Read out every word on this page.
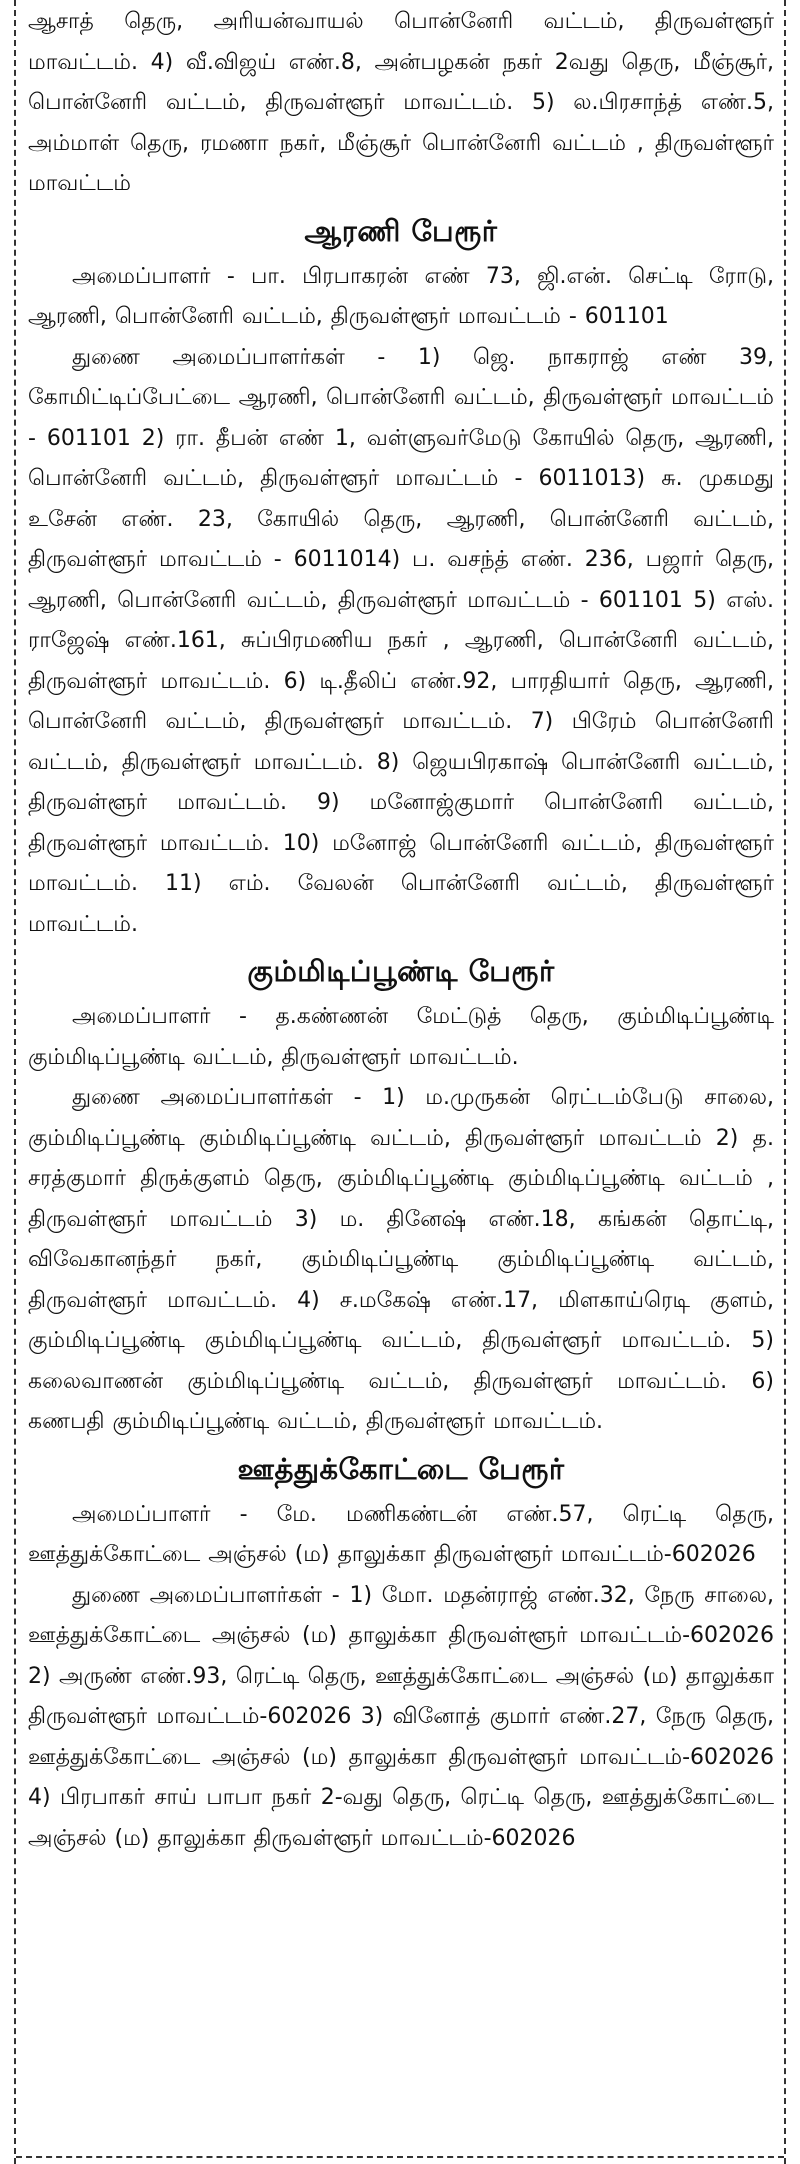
ஆசாத் தெரு, அரியன்வாயல் பொன்னேரி வட்டம், திருவள்ளூர் மாவட்டம். 4) வீ.விஜய் எண்.8, அன்பழகன் நகர் 2வது தெரு, மீஞ்சூர், பொன்னேரி வட்டம், திருவள்ளூர் மாவட்டம். 5) ல.பிரசாந்த் எண்.5, அம்மாள் தெரு, ரமணா நகர், மீஞ்சூர் பொன்னேரி வட்டம் , திருவள்ளூர் மாவட்டம்

ஆரணி பேரூர்

அமைப்பாளர் - பா. பிரபாகரன் எண் 73, ஜி.என். செட்டி ரோடு, ஆரணி, பொன்னேரி வட்டம், திருவள்ளூர் மாவட்டம் - 601101

துணை அமைப்பாளர்கள் - 1) ஜெ. நாகராஜ் எண் 39, கோமிட்டிப்பேட்டை ஆரணி, பொன்னேரி வட்டம், திருவள்ளூர் மாவட்டம் - 601101 2) ரா. தீபன் எண் 1, வள்ளுவர்மேடு கோயில் தெரு, ஆரணி, பொன்னேரி வட்டம், திருவள்ளூர் மாவட்டம் - 6011013) சு. முகமது உசேன் எண். 23, கோயில் தெரு, ஆரணி, பொன்னேரி வட்டம், திருவள்ளூர் மாவட்டம் - 6011014) ப. வசந்த் எண். 236, பஜார் தெரு, ஆரணி, பொன்னேரி வட்டம், திருவள்ளூர் மாவட்டம் - 601101 5) எஸ். ராஜேஷ் எண்.161, சுப்பிரமணிய நகர் , ஆரணி, பொன்னேரி வட்டம், திருவள்ளூர் மாவட்டம். 6) டி.தீலிப் எண்.92, பாரதியார் தெரு, ஆரணி, பொன்னேரி வட்டம், திருவள்ளூர் மாவட்டம். 7) பிரேம் பொன்னேரி வட்டம், திருவள்ளூர் மாவட்டம். 8) ஜெயபிரகாஷ் பொன்னேரி வட்டம், திருவள்ளூர் மாவட்டம். 9) மனோஜ்குமார் பொன்னேரி வட்டம், திருவள்ளூர் மாவட்டம். 10) மனோஜ் பொன்னேரி வட்டம், திருவள்ளூர் மாவட்டம். 11) எம். வேலன் பொன்னேரி வட்டம், திருவள்ளூர் மாவட்டம்.

கும்மிடிப்பூண்டி பேரூர்

அமைப்பாளர் - த.கண்ணன் மேட்டுத் தெரு, கும்மிடிப்பூண்டி கும்மிடிப்பூண்டி வட்டம், திருவள்ளூர் மாவட்டம்.

துணை அமைப்பாளர்கள் - 1) ம.முருகன் ரெட்டம்பேடு சாலை, கும்மிடிப்பூண்டி கும்மிடிப்பூண்டி வட்டம், திருவள்ளூர் மாவட்டம் 2) த. சரத்குமார் திருக்குளம் தெரு, கும்மிடிப்பூண்டி கும்மிடிப்பூண்டி வட்டம் , திருவள்ளூர் மாவட்டம் 3) ம. தினேஷ் எண்.18, கங்கன் தொட்டி, விவேகானந்தர் நகர், கும்மிடிப்பூண்டி கும்மிடிப்பூண்டி வட்டம், திருவள்ளூர் மாவட்டம். 4) ச.மகேஷ் எண்.17, மிளகாய்ரெடி குளம், கும்மிடிப்பூண்டி கும்மிடிப்பூண்டி வட்டம், திருவள்ளூர் மாவட்டம். 5) கலைவாணன் கும்மிடிப்பூண்டி வட்டம், திருவள்ளூர் மாவட்டம். 6) கணபதி கும்மிடிப்பூண்டி வட்டம், திருவள்ளூர் மாவட்டம்.

ஊத்துக்கோட்டை பேரூர்

அமைப்பாளர் - மே. மணிகண்டன் எண்.57, ரெட்டி தெரு, ஊத்துக்கோட்டை அஞ்சல் (ம) தாலுக்கா திருவள்ளூர் மாவட்டம்-602026

துணை அமைப்பாளர்கள் - 1) மோ. மதன்ராஜ் எண்.32, நேரு சாலை, ஊத்துக்கோட்டை அஞ்சல் (ம) தாலுக்கா திருவள்ளூர் மாவட்டம்-602026 2) அருண் எண்.93, ரெட்டி தெரு, ஊத்துக்கோட்டை அஞ்சல் (ம) தாலுக்கா திருவள்ளூர் மாவட்டம்-602026 3) வினோத் குமார் எண்.27, நேரு தெரு, ஊத்துக்கோட்டை அஞ்சல் (ம) தாலுக்கா திருவள்ளூர் மாவட்டம்-602026 4) பிரபாகர் சாய் பாபா நகர் 2-வது தெரு, ரெட்டி தெரு, ஊத்துக்கோட்டை அஞ்சல் (ம) தாலுக்கா திருவள்ளூர் மாவட்டம்-602026
